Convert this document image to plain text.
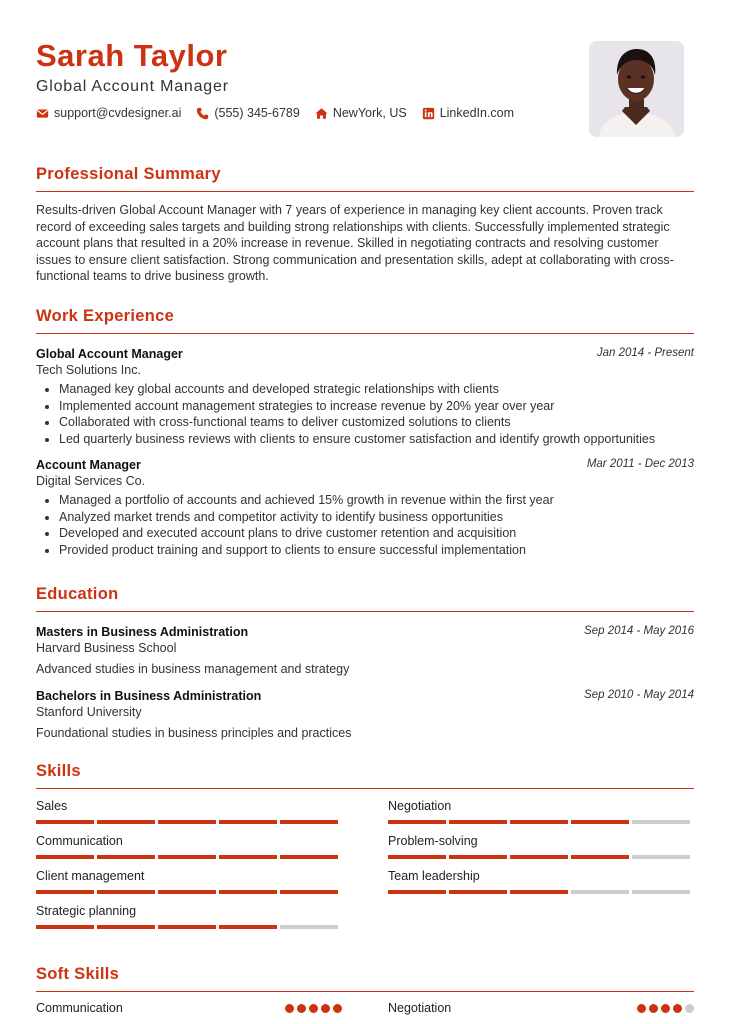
Sarah Taylor
Global Account Manager
support@cvdesigner.ai	(555) 345-6789	NewYork, US	LinkedIn.com
Professional Summary
Results-driven Global Account Manager with 7 years of experience in managing key client accounts. Proven track record of exceeding sales targets and building strong relationships with clients. Successfully implemented strategic account plans that resulted in a 20% increase in revenue. Skilled in negotiating contracts and resolving customer issues to ensure client satisfaction. Strong communication and presentation skills, adept at collaborating with cross-functional teams to drive business growth.
Work Experience
Global Account Manager	Jan 2014 - Present
Tech Solutions Inc.
• Managed key global accounts and developed strategic relationships with clients
• Implemented account management strategies to increase revenue by 20% year over year
• Collaborated with cross-functional teams to deliver customized solutions to clients
• Led quarterly business reviews with clients to ensure customer satisfaction and identify growth opportunities
Account Manager	Mar 2011 - Dec 2013
Digital Services Co.
• Managed a portfolio of accounts and achieved 15% growth in revenue within the first year
• Analyzed market trends and competitor activity to identify business opportunities
• Developed and executed account plans to drive customer retention and acquisition
• Provided product training and support to clients to ensure successful implementation
Education
Masters in Business Administration	Sep 2014 - May 2016
Harvard Business School
Advanced studies in business management and strategy
Bachelors in Business Administration	Sep 2010 - May 2014
Stanford University
Foundational studies in business principles and practices
Skills
Sales	Negotiation
Communication	Problem-solving
Client management	Team leadership
Strategic planning
Soft Skills
Communication	Negotiation
